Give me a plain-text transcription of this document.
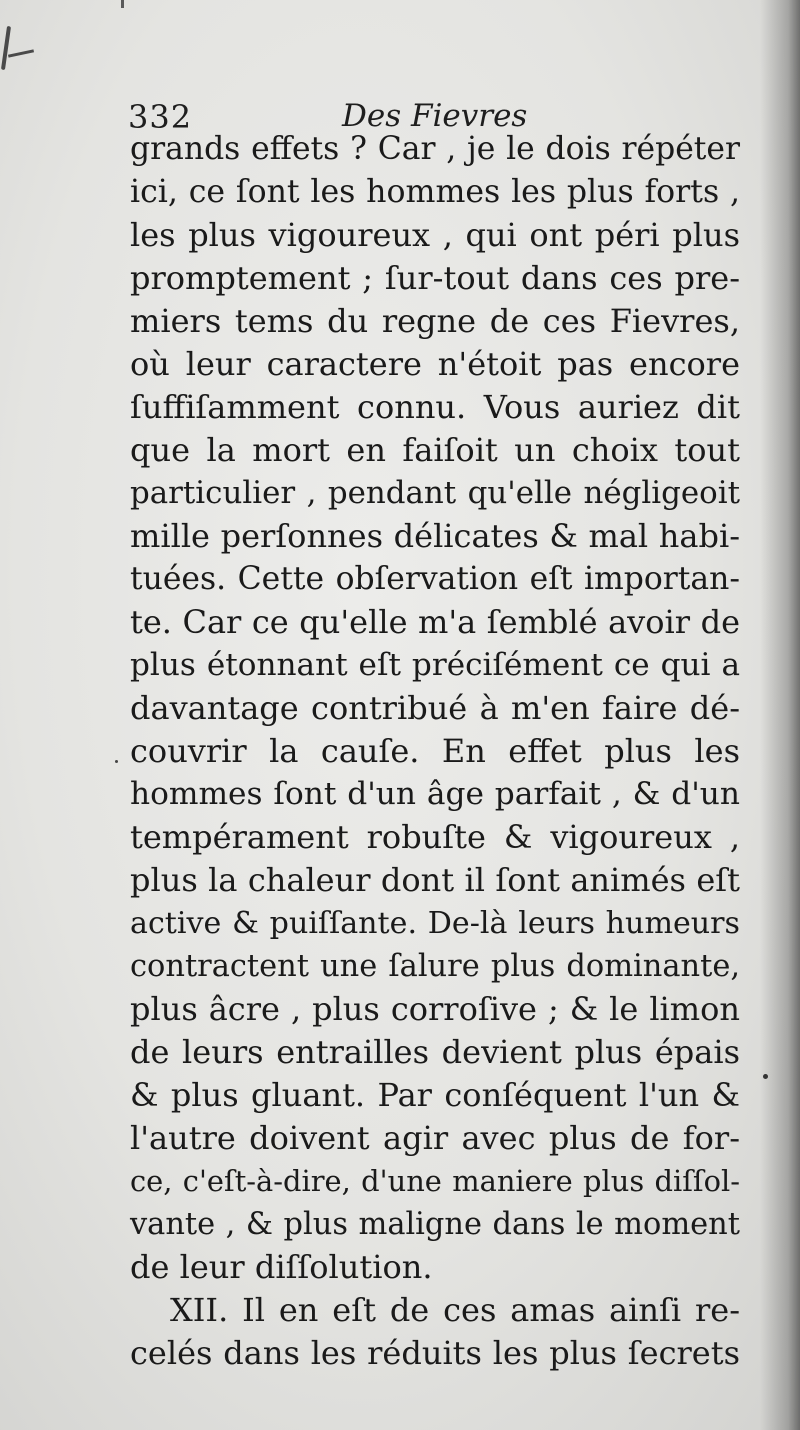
332	Des Fievres
grands effets ? Car , je le dois répéter
ici, ce ſont les hommes les plus forts ,
les plus vigoureux , qui ont péri plus
promptement ; ſur-tout dans ces pre-
miers tems du regne de ces Fievres,
où leur caractere n'étoit pas encore
ſuffiſamment connu. Vous auriez dit
que la mort en faiſoit un choix tout
particulier , pendant qu'elle négligeoit
mille perſonnes délicates & mal habi-
tuées. Cette obſervation eſt importan-
te. Car ce qu'elle m'a ſemblé avoir de
plus étonnant eſt préciſément ce qui a
davantage contribué à m'en faire dé-
couvrir la cauſe. En effet plus les
hommes ſont d'un âge parfait , & d'un
tempérament robuſte & vigoureux ,
plus la chaleur dont il ſont animés eſt
active & puiſſante. De-là leurs humeurs
contractent une ſalure plus dominante,
plus âcre , plus corroſive ; & le limon
de leurs entrailles devient plus épais
& plus gluant. Par conſéquent l'un &
l'autre doivent agir avec plus de for-
ce, c'eſt-à-dire, d'une maniere plus diſſol-
vante , & plus maligne dans le moment
de leur diſſolution.
XII. Il en eſt de ces amas ainſi re-
celés dans les réduits les plus ſecrets
